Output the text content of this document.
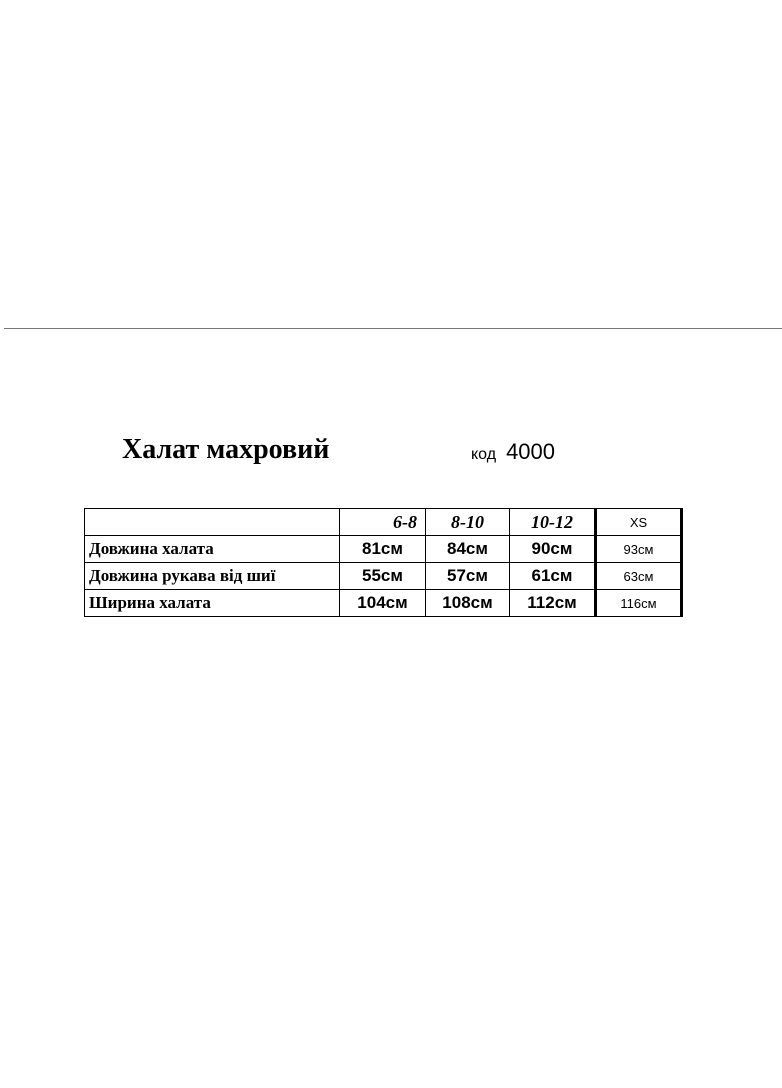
Халат махровий	код 4000
	6-8	8-10	10-12	XS
Довжина халата	81см	84см	90см	93см
Довжина рукава від шиї	55см	57см	61см	63см
Ширина халата	104см	108см	112см	116см
